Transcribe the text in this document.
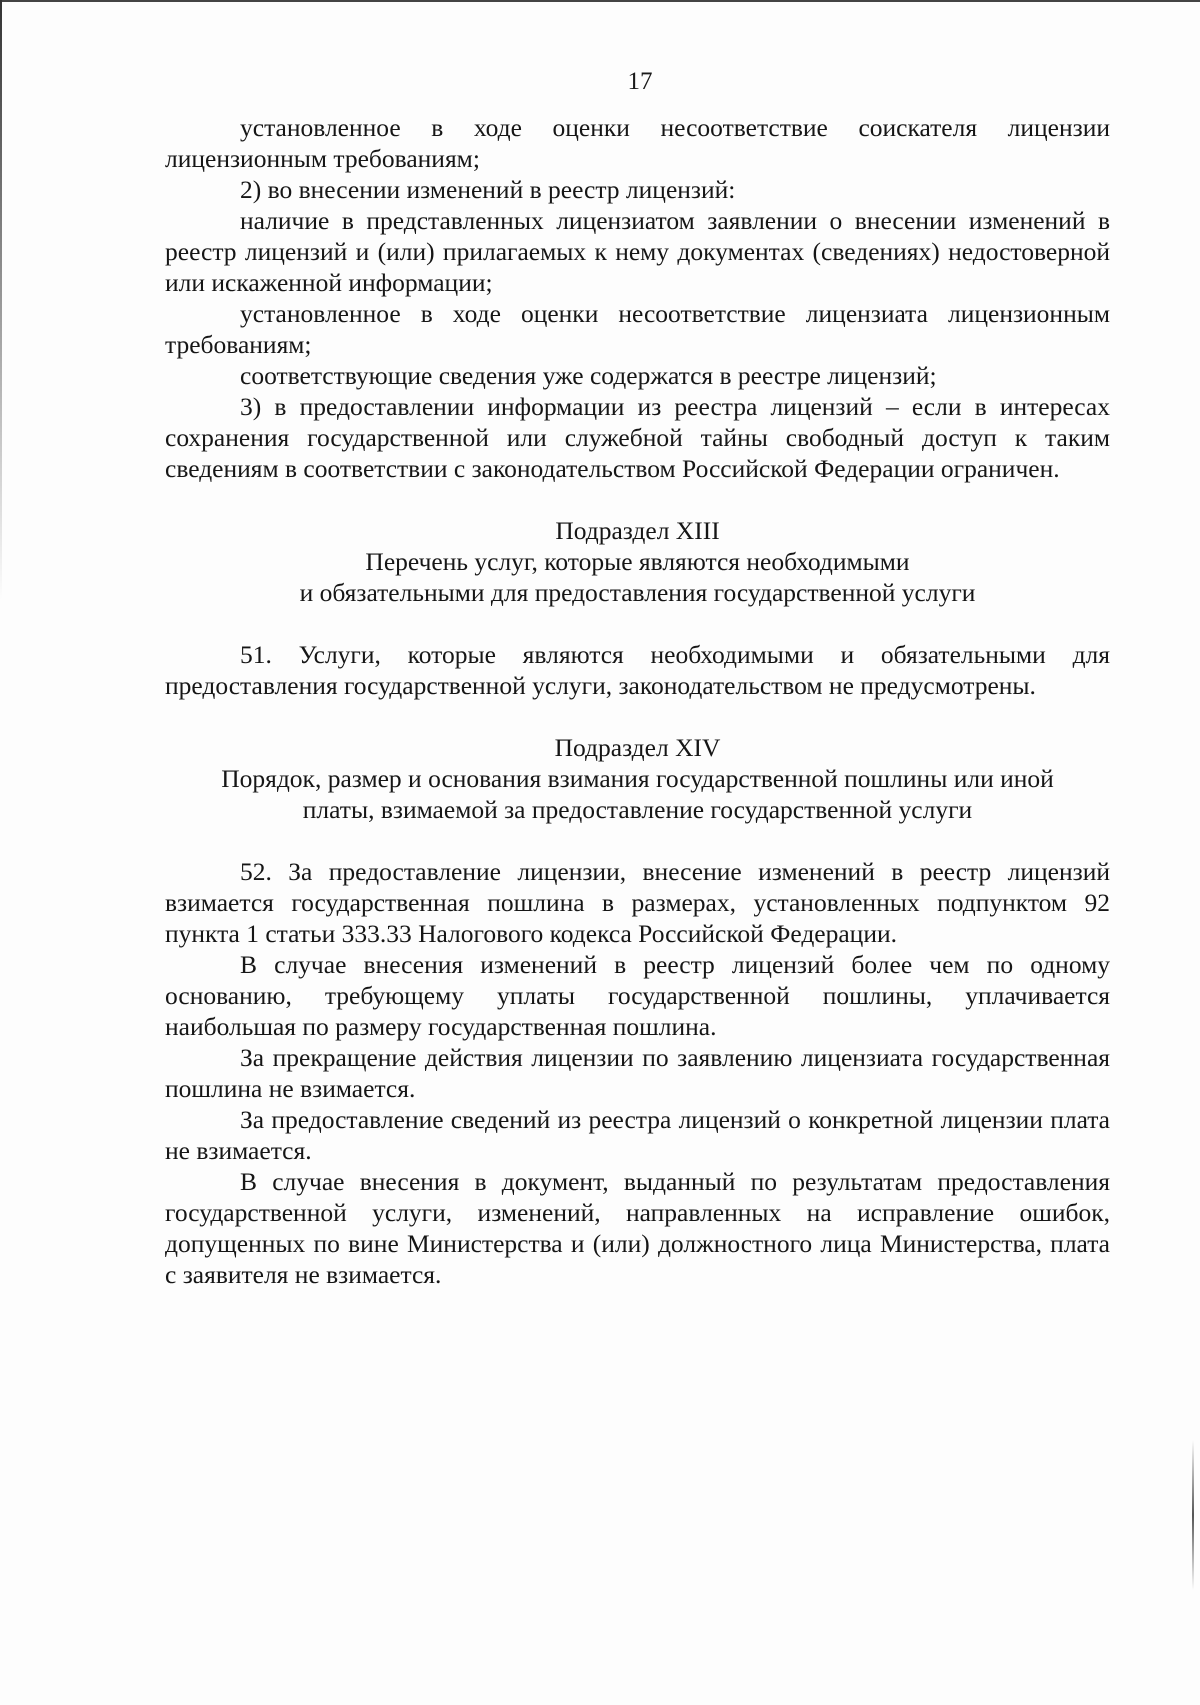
17

установленное в ходе оценки несоответствие соискателя лицензии лицензионным требованиям;

2) во внесении изменений в реестр лицензий:

наличие в представленных лицензиатом заявлении о внесении изменений в реестр лицензий и (или) прилагаемых к нему документах (сведениях) недостоверной или искаженной информации;

установленное в ходе оценки несоответствие лицензиата лицензионным требованиям;

соответствующие сведения уже содержатся в реестре лицензий;

3) в предоставлении информации из реестра лицензий – если в интересах сохранения государственной или служебной тайны свободный доступ к таким сведениям в соответствии с законодательством Российской Федерации ограничен.

Подраздел XIII

Перечень услуг, которые являются необходимыми

и обязательными для предоставления государственной услуги

51. Услуги, которые являются необходимыми и обязательными для предоставления государственной услуги, законодательством не предусмотрены.

Подраздел XIV

Порядок, размер и основания взимания государственной пошлины или иной

платы, взимаемой за предоставление государственной услуги

52. За предоставление лицензии, внесение изменений в реестр лицензий взимается государственная пошлина в размерах, установленных подпунктом 92 пункта 1 статьи 333.33 Налогового кодекса Российской Федерации.

В случае внесения изменений в реестр лицензий более чем по одному основанию, требующему уплаты государственной пошлины, уплачивается наибольшая по размеру государственная пошлина.

За прекращение действия лицензии по заявлению лицензиата государственная пошлина не взимается.

За предоставление сведений из реестра лицензий о конкретной лицензии плата не взимается.

В случае внесения в документ, выданный по результатам предоставления государственной услуги, изменений, направленных на исправление ошибок, допущенных по вине Министерства и (или) должностного лица Министерства, плата с заявителя не взимается.
